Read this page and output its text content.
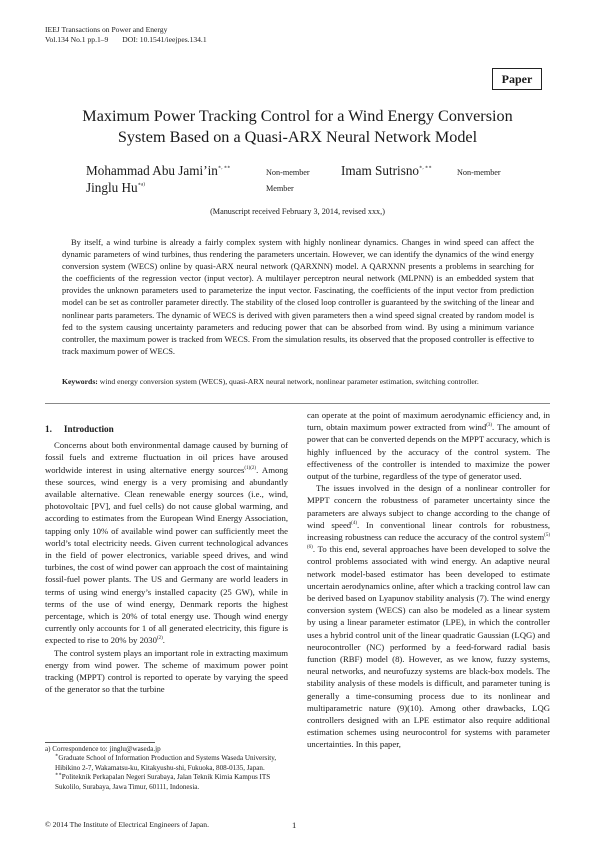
IEEJ Transactions on Power and Energy
Vol.134 No.1 pp.1–9 DOI: 10.1541/ieejpes.134.1
Paper
Maximum Power Tracking Control for a Wind Energy Conversion
System Based on a Quasi-ARX Neural Network Model
Mohammad Abu Jami’in∗, ∗∗	Non-member Imam Sutrisno∗, ∗∗	Non-member
Jinglu $Hu^{∗a)}$	Member
(Manuscript received February 3, 2014, revised xxx,)
By itself, a wind turbine is already a fairly complex system with highly nonlinear dynamics. Changes in wind speed can affect the dynamic parameters of wind turbines, thus rendering the parameters uncertain. However, we can identify the dynamics of the wind energy conversion system (WECS) online by quasi-ARX neural network (QARXNN) model. A QARXNN presents a problems in searching for the coefficients of the regression vector (input vector). A multilayer perceptron neural network (MLPNN) is an embedded system that provides the unknown parameters used to parameterize the input vector. Fascinating, the coefficients of the input vector from prediction model can be set as controller parameter directly. The stability of the closed loop controller is guaranteed by the switching of the linear and nonlinear parts parameters. The dynamic of WECS is derived with given parameters then a wind speed signal created by random model is fed to the system causing uncertainty parameters and reducing power that can be absorbed from wind. By using a minimum variance controller, the maximum power is tracked from WECS. From the simulation results, its observed that the proposed controller is effective to track maximum power of WECS.
Keywords: wind energy conversion system (WECS), quasi-ARX neural network, nonlinear parameter estimation, switching controller.
1. Introduction

Concerns about both environmental damage caused by burning of fossil fuels and extreme fluctuation in oil prices have aroused worldwide interest in using alternative energy sources$^{(1)(2)}$. Among these sources, wind energy is a very promising and abundantly available alternative. Clean renewable energy sources (i.e., wind, photovoltaic [PV], and fuel cells) do not cause global warming, and according to estimates from the European Wind Energy Association, tapping only 10% of available wind power can sufficiently meet the world’s total electricity needs. Given current technological advances in the field of power electronics, variable speed drives, and wind turbines, the cost of wind power can approach the cost of maintaining fossil-fuel power plants. The US and Germany are world leaders in terms of using wind energy’s installed capacity (25 GW), while in terms of the use of wind energy, Denmark reports the highest percentage, which is 20% of total energy use. Though wind energy currently only accounts for 1 of all generated electricity, this figure is expected to rise to 20% by 2030$^{(2)}$.

The control system plays an important role in extracting maximum energy from wind power. The scheme of maximum power point tracking (MPPT) control is reported to operate by varying the speed of the generator so that the turbine

can operate at the point of maximum aerodynamic efficiency and, in turn, obtain maximum power extracted from wind$^{(3)}$. The amount of power that can be converted depends on the MPPT accuracy, which is highly influenced by the accuracy of the control system. The effectiveness of the controller is intended to maximize the power output of the turbine, regardless of the type of generator used.

The issues involved in the design of a nonlinear controller for MPPT concern the robustness of parameter uncertainty since the parameters are always subject to change according to the change of wind speed$^{(4)}$. In conventional linear controls for robustness, increasing robustness can reduce the accuracy of the control system$^{(5)(6)}$. To this end, several approaches have been developed to solve the control problems associated with wind energy. An adaptive neural network model-based estimator has been developed to estimate uncertain aerodynamics online, after which a tracking control law can be derived based on Lyapunov stability analysis (7). The wind energy conversion system (WECS) can also be modeled as a linear system by using a linear parameter estimator (LPE), in which the controller uses a hybrid control unit of the linear quadratic Gaussian (LQG) and neurocontroller (NC) performed by a feed-forward radial basis function (RBF) model (8). However, as we know, fuzzy systems, neural networks, and neurofuzzy systems are black-box models. The stability analysis of these models is difficult, and parameter tuning is generally a time-consuming process due to its nonlinear and multiparametric nature (9)(10). Among other drawbacks, LQG controllers designed with an LPE estimator also require additional estimation schemes using neurocontrol for systems with parameter uncertainties. In this paper,

a) Correspondence to: jinglu@waseda.jp
∗Graduate School of Information Production and Systems Waseda University, Hibikino 2-7, Wakamatsu-ku, Kitakyushu-shi, Fukuoka, 808-0135, Japan.
∗∗Politeknik Perkapalan Negeri Surabaya, Jalan Teknik Kimia Kampus ITS Sukolilo, Surabaya, Jawa Timur, 60111, Indonesia.
© 2014 The Institute of Electrical Engineers of Japan.	1
